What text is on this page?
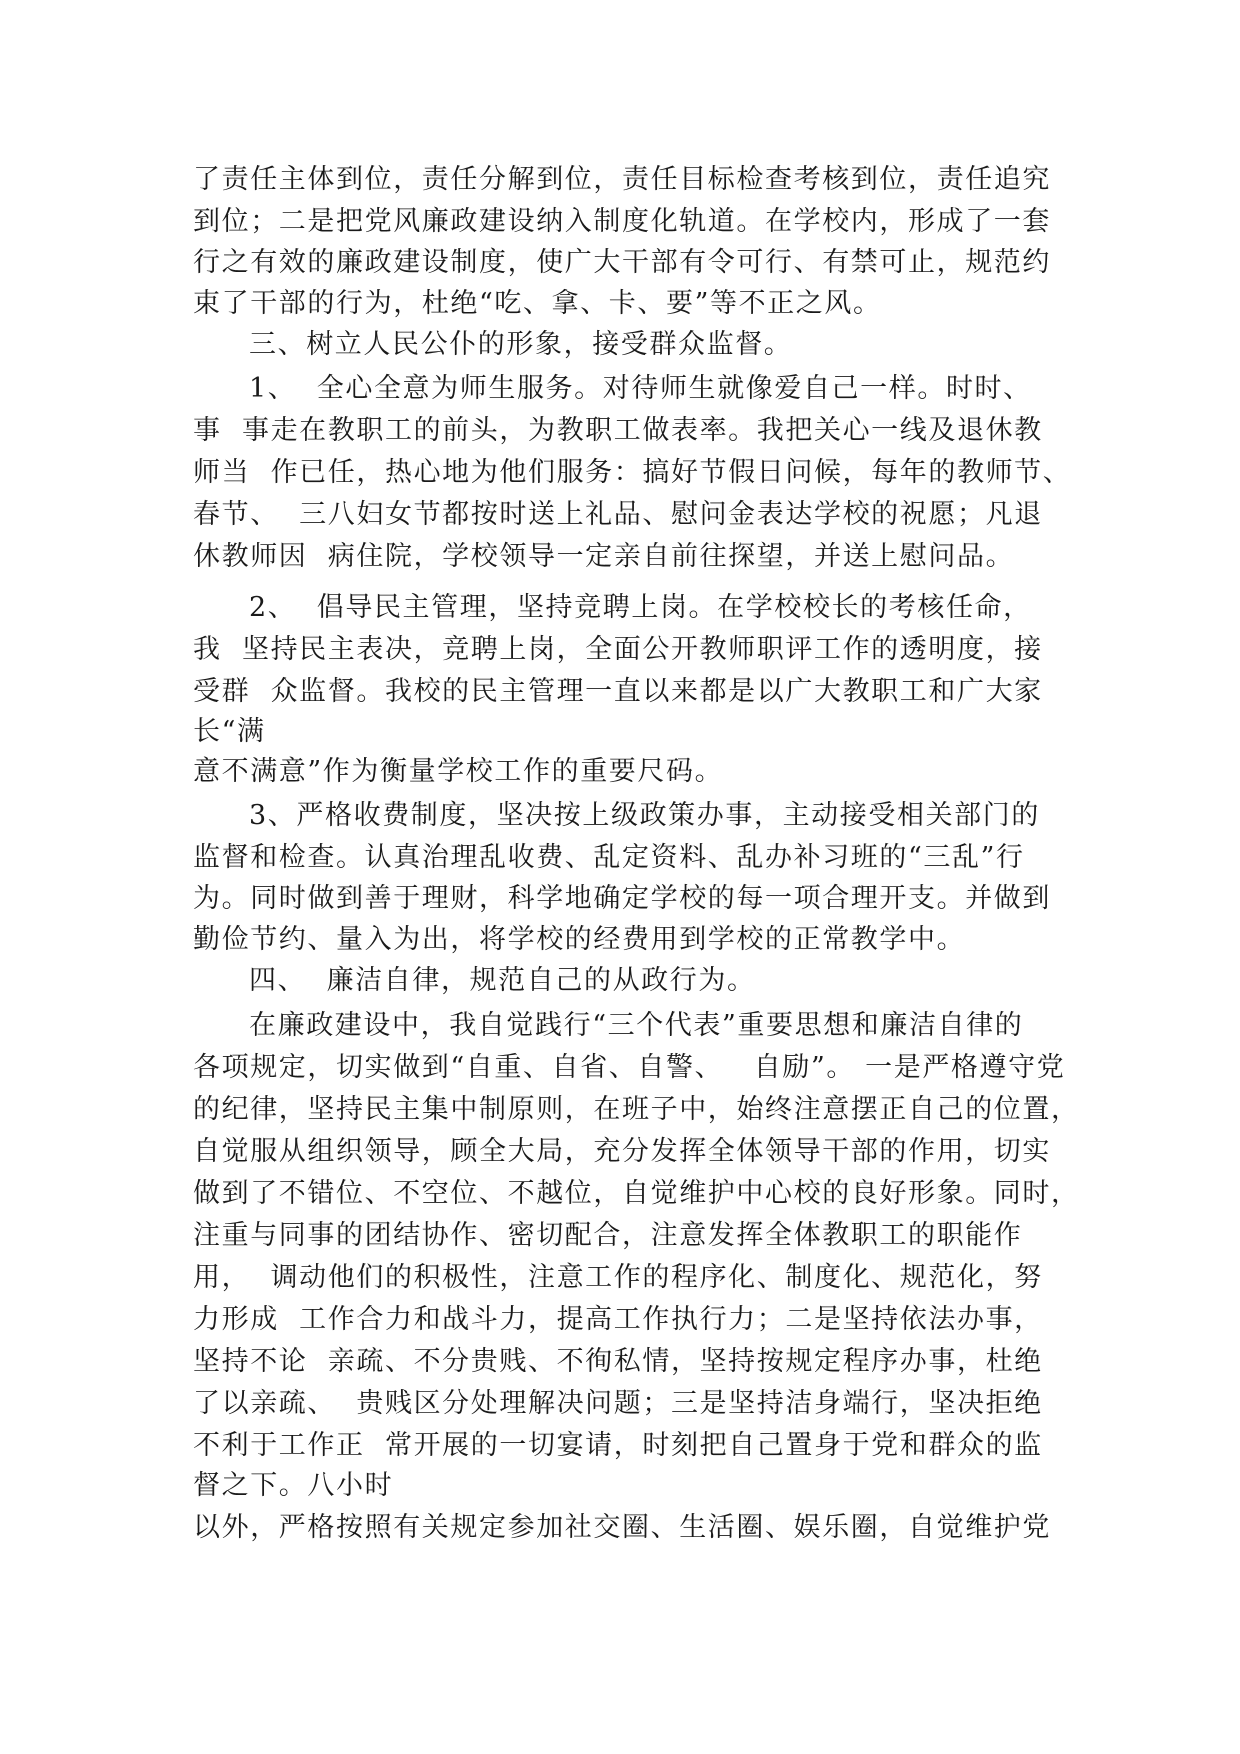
了责任主体到位，责任分解到位，责任目标检查考核到位，责任追究
到位；二是把党风廉政建设纳入制度化轨道。在学校内，形成了一套
行之有效的廉政建设制度，使广大干部有令可行、有禁可止，规范约
束了干部的行为，杜绝“吃、拿、卡、要”等不正之风。
三、树立人民公仆的形象，接受群众监督。
1、  全心全意为师生服务。对待师生就像爱自己一样。时时、
事  事走在教职工的前头，为教职工做表率。我把关心一线及退休教
师当  作已任，热心地为他们服务：搞好节假日问候，每年的教师节、
春节、  三八妇女节都按时送上礼品、慰问金表达学校的祝愿；凡退
休教师因  病住院，学校领导一定亲自前往探望，并送上慰问品。
2、  倡导民主管理，坚持竞聘上岗。在学校校长的考核任命，
我  坚持民主表决，竞聘上岗，全面公开教师职评工作的透明度，接
受群  众监督。我校的民主管理一直以来都是以广大教职工和广大家
长“满
意不满意”作为衡量学校工作的重要尺码。
3、严格收费制度，坚决按上级政策办事，主动接受相关部门的
监督和检查。认真治理乱收费、乱定资料、乱办补习班的“三乱”行
为。同时做到善于理财，科学地确定学校的每一项合理开支。并做到
勤俭节约、量入为出，将学校的经费用到学校的正常教学中。
四、  廉洁自律，规范自己的从政行为。
在廉政建设中，我自觉践行“三个代表”重要思想和廉洁自律的
各项规定，切实做到“自重、自省、自警、   自励”。 一是严格遵守党
的纪律，坚持民主集中制原则，在班子中，始终注意摆正自己的位置，
自觉服从组织领导，顾全大局，充分发挥全体领导干部的作用，切实
做到了不错位、不空位、不越位，自觉维护中心校的良好形象。同时，
注重与同事的团结协作、密切配合，注意发挥全体教职工的职能作
用，  调动他们的积极性，注意工作的程序化、制度化、规范化，努
力形成  工作合力和战斗力，提高工作执行力；二是坚持依法办事，
坚持不论  亲疏、不分贵贱、不徇私情，坚持按规定程序办事，杜绝
了以亲疏、  贵贱区分处理解决问题；三是坚持洁身端行，坚决拒绝
不利于工作正  常开展的一切宴请，时刻把自己置身于党和群众的监
督之下。八小时
以外，严格按照有关规定参加社交圈、生活圈、娱乐圈，自觉维护党
